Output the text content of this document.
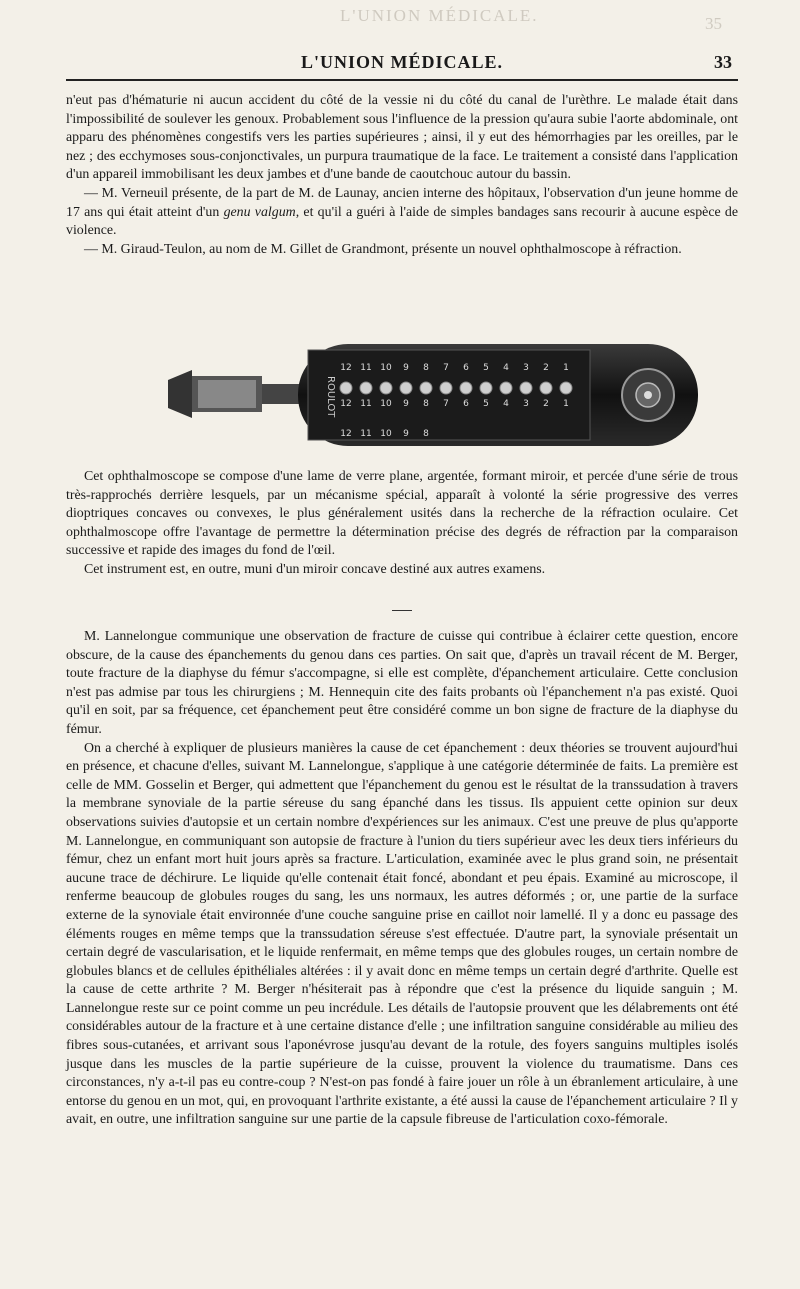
L'UNION MÉDICALE.	35
L'UNION MÉDICALE.	33

n'eut pas d'hématurie ni aucun accident du côté de la vessie ni du côté du canal de l'urèthre. Le malade était dans l'impossibilité de soulever les genoux. Probablement sous l'influence de la pression qu'aura subie l'aorte abdominale, ont apparu des phénomènes congestifs vers les parties supérieures ; ainsi, il y eut des hémorrhagies par les oreilles, par le nez ; des ecchymoses sous-conjonctivales, un purpura traumatique de la face. Le traitement a consisté dans l'application d'un appareil immobilisant les deux jambes et d'une bande de caoutchouc autour du bassin.

— M. Verneuil présente, de la part de M. de Launay, ancien interne des hôpitaux, l'observation d'un jeune homme de 17 ans qui était atteint d'un genu valgum, et qu'il a guéri à l'aide de simples bandages sans recourir à aucune espèce de violence.

— M. Giraud-Teulon, au nom de M. Gillet de Grandmont, présente un nouvel ophthalmoscope à réfraction.

ROULOT
12 11 10 9 8 7 6 5 4 3 2 1
12 11 10 9 8 7 6 5 4 3 2 1
12 11 10 9 8

Cet ophthalmoscope se compose d'une lame de verre plane, argentée, formant miroir, et percée d'une série de trous très-rapprochés derrière lesquels, par un mécanisme spécial, apparaît à volonté la série progressive des verres dioptriques concaves ou convexes, le plus généralement usités dans la recherche de la réfraction oculaire. Cet ophthalmoscope offre l'avantage de permettre la détermination précise des degrés de réfraction par la comparaison successive et rapide des images du fond de l'œil.

Cet instrument est, en outre, muni d'un miroir concave destiné aux autres examens.

M. Lannelongue communique une observation de fracture de cuisse qui contribue à éclairer cette question, encore obscure, de la cause des épanchements du genou dans ces parties. On sait que, d'après un travail récent de M. Berger, toute fracture de la diaphyse du fémur s'accompagne, si elle est complète, d'épanchement articulaire. Cette conclusion n'est pas admise par tous les chirurgiens ; M. Hennequin cite des faits probants où l'épanchement n'a pas existé. Quoi qu'il en soit, par sa fréquence, cet épanchement peut être considéré comme un bon signe de fracture de la diaphyse du fémur.

On a cherché à expliquer de plusieurs manières la cause de cet épanchement : deux théories se trouvent aujourd'hui en présence, et chacune d'elles, suivant M. Lannelongue, s'applique à une catégorie déterminée de faits. La première est celle de MM. Gosselin et Berger, qui admettent que l'épanchement du genou est le résultat de la transsudation à travers la membrane synoviale de la partie séreuse du sang épanché dans les tissus. Ils appuient cette opinion sur deux observations suivies d'autopsie et un certain nombre d'expériences sur les animaux. C'est une preuve de plus qu'apporte M. Lannelongue, en communiquant son autopsie de fracture à l'union du tiers supérieur avec les deux tiers inférieurs du fémur, chez un enfant mort huit jours après sa fracture. L'articulation, examinée avec le plus grand soin, ne présentait aucune trace de déchirure. Le liquide qu'elle contenait était foncé, abondant et peu épais. Examiné au microscope, il renferme beaucoup de globules rouges du sang, les uns normaux, les autres déformés ; or, une partie de la surface externe de la synoviale était environnée d'une couche sanguine prise en caillot noir lamellé. Il y a donc eu passage des éléments rouges en même temps que la transsudation séreuse s'est effectuée. D'autre part, la synoviale présentait un certain degré de vascularisation, et le liquide renfermait, en même temps que des globules rouges, un certain nombre de globules blancs et de cellules épithéliales altérées : il y avait donc en même temps un certain degré d'arthrite. Quelle est la cause de cette arthrite ? M. Berger n'hésiterait pas à répondre que c'est la présence du liquide sanguin ; M. Lannelongue reste sur ce point comme un peu incrédule. Les détails de l'autopsie prouvent que les délabrements ont été considérables autour de la fracture et à une certaine distance d'elle ; une infiltration sanguine considérable au milieu des fibres sous-cutanées, et arrivant sous l'aponévrose jusqu'au devant de la rotule, des foyers sanguins multiples isolés jusque dans les muscles de la partie supérieure de la cuisse, prouvent la violence du traumatisme. Dans ces circonstances, n'y a-t-il pas eu contre-coup ? N'est-on pas fondé à faire jouer un rôle à un ébranlement articulaire, à une entorse du genou en un mot, qui, en provoquant l'arthrite existante, a été aussi la cause de l'épanchement articulaire ? Il y avait, en outre, une infiltration sanguine sur une partie de la capsule fibreuse de l'articulation coxo-fémorale.
